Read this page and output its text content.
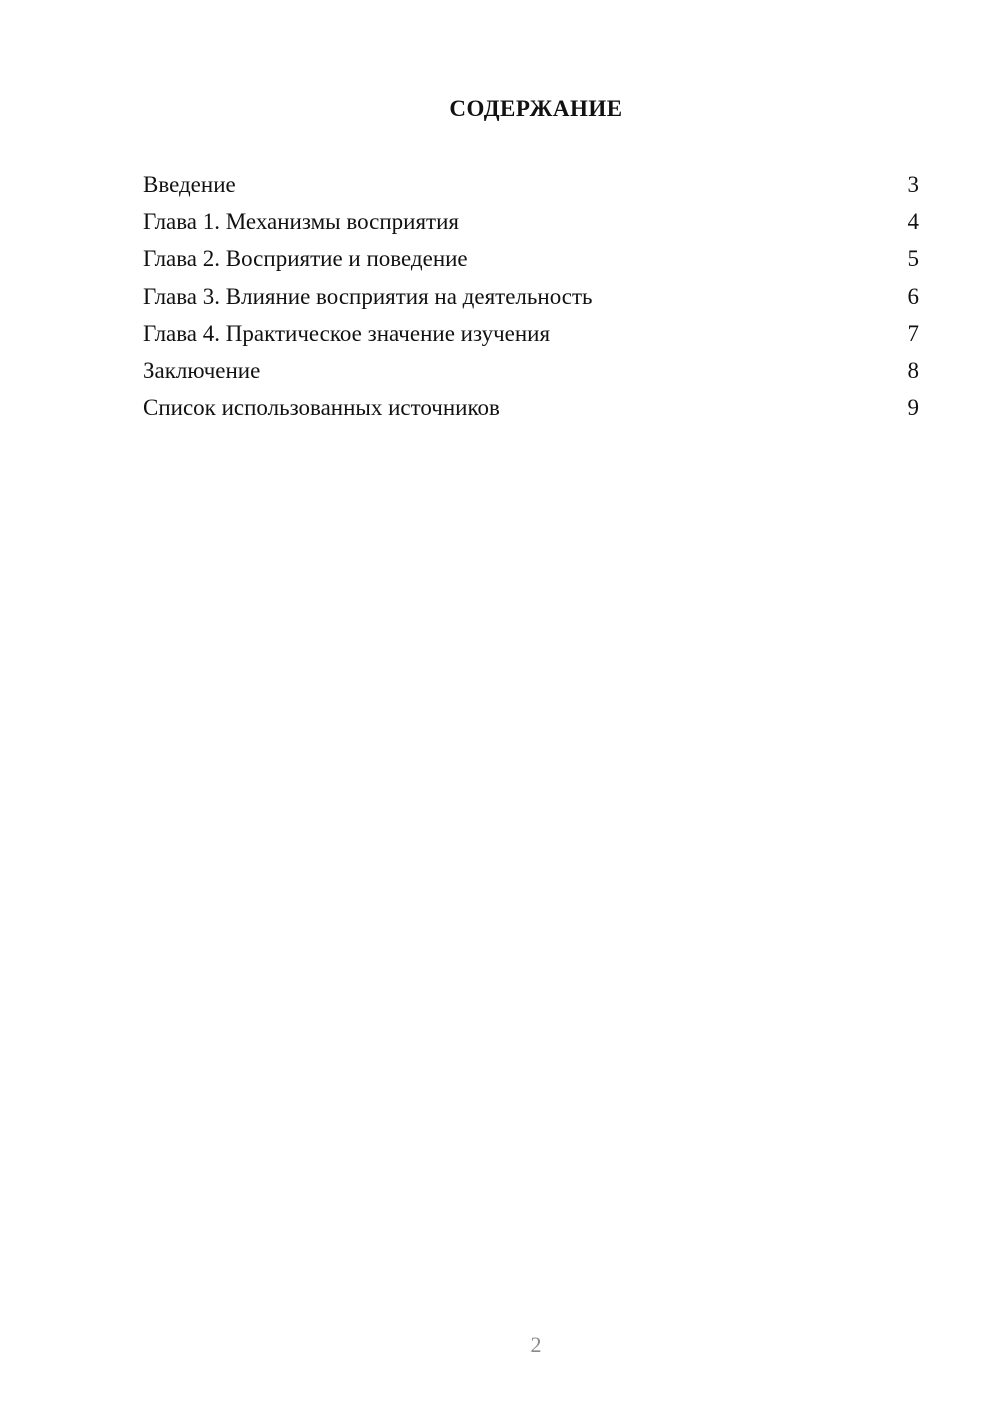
СОДЕРЖАНИЕ
Введение	3
Глава 1. Механизмы восприятия	4
Глава 2. Восприятие и поведение	5
Глава 3. Влияние восприятия на деятельность	6
Глава 4. Практическое значение изучения	7
Заключение	8
Список использованных источников	9
2
